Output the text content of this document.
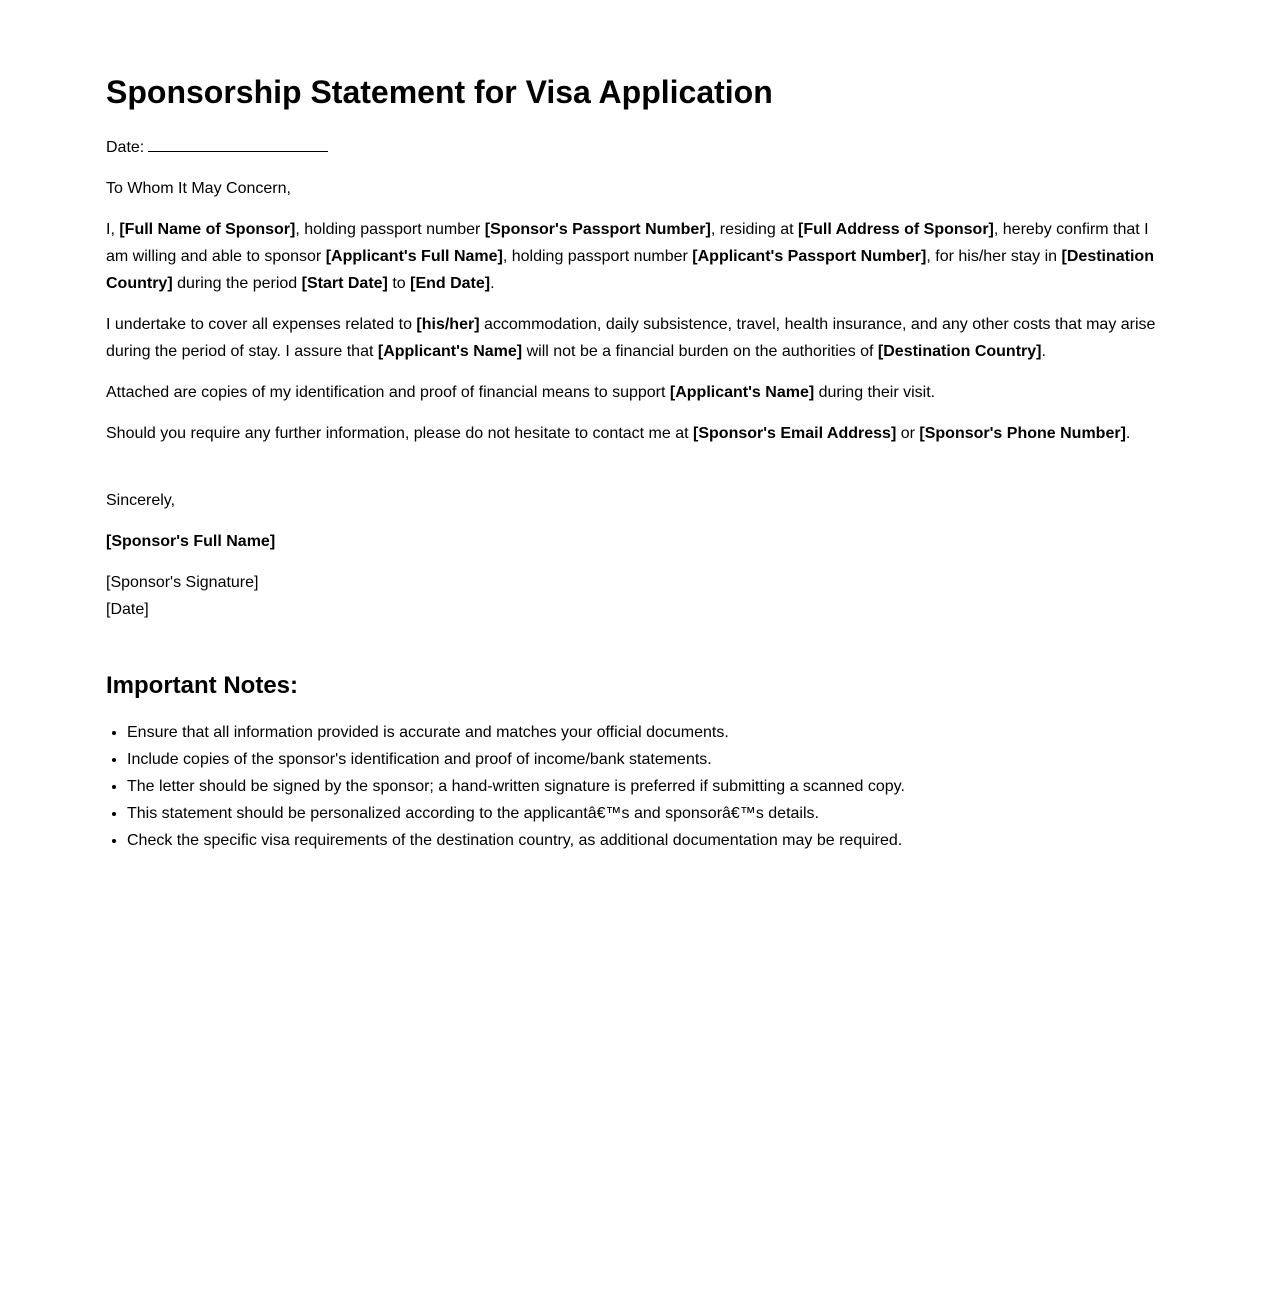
Sponsorship Statement for Visa Application

Date:

To Whom It May Concern,

I, [Full Name of Sponsor], holding passport number [Sponsor's Passport Number], residing at [Full Address of Sponsor], hereby confirm that I am willing and able to sponsor [Applicant's Full Name], holding passport number [Applicant's Passport Number], for his/her stay in [Destination Country] during the period [Start Date] to [End Date].

I undertake to cover all expenses related to [his/her] accommodation, daily subsistence, travel, health insurance, and any other costs that may arise during the period of stay. I assure that [Applicant's Name] will not be a financial burden on the authorities of [Destination Country].

Attached are copies of my identification and proof of financial means to support [Applicant's Name] during their visit.

Should you require any further information, please do not hesitate to contact me at [Sponsor's Email Address] or [Sponsor's Phone Number].

Sincerely,

[Sponsor's Full Name]

[Sponsor's Signature]
[Date]

Important Notes:
• Ensure that all information provided is accurate and matches your official documents.
• Include copies of the sponsor's identification and proof of income/bank statements.
• The letter should be signed by the sponsor; a hand-written signature is preferred if submitting a scanned copy.
• This statement should be personalized according to the applicantâ€™s and sponsorâ€™s details.
• Check the specific visa requirements of the destination country, as additional documentation may be required.
